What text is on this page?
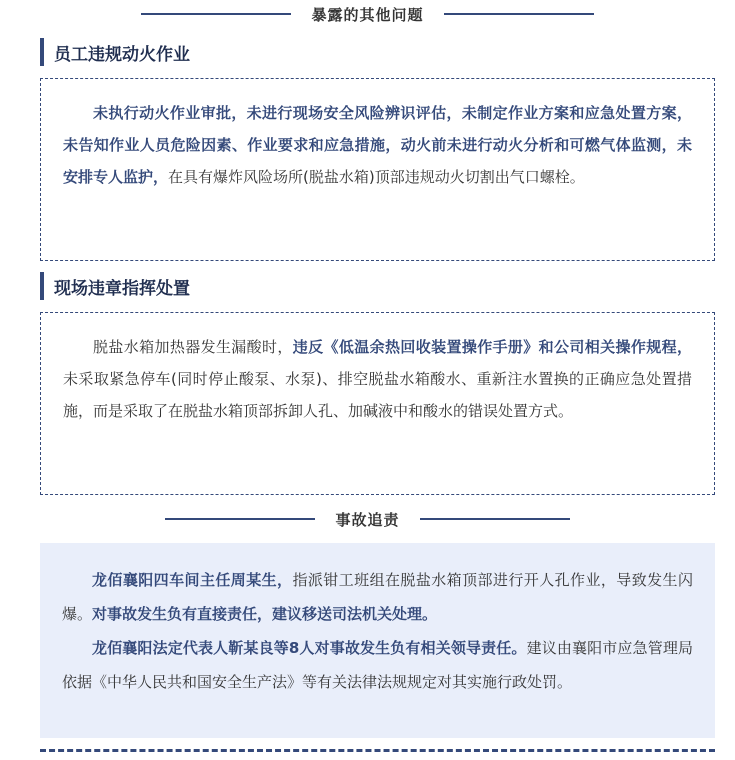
暴露的其他问题
员工违规动火作业

未执行动火作业审批，未进行现场安全风险辨识评估，未制定作业方案和应急处置方案，未告知作业人员危险因素、作业要求和应急措施，动火前未进行动火分析和可燃气体监测，未安排专人监护，在具有爆炸风险场所(脱盐水箱)顶部违规动火切割出气口螺栓。

现场违章指挥处置

脱盐水箱加热器发生漏酸时，违反《低温余热回收装置操作手册》和公司相关操作规程，未采取紧急停车(同时停止酸泵、水泵)、排空脱盐水箱酸水、重新注水置换的正确应急处置措施，而是采取了在脱盐水箱顶部拆卸人孔、加碱液中和酸水的错误处置方式。

事故追责

龙佰襄阳四车间主任周某生，指派钳工班组在脱盐水箱顶部进行开人孔作业，导致发生闪爆。对事故发生负有直接责任，建议移送司法机关处理。

龙佰襄阳法定代表人靳某良等8人对事故发生负有相关领导责任。建议由襄阳市应急管理局依据《中华人民共和国安全生产法》等有关法律法规规定对其实施行政处罚。
